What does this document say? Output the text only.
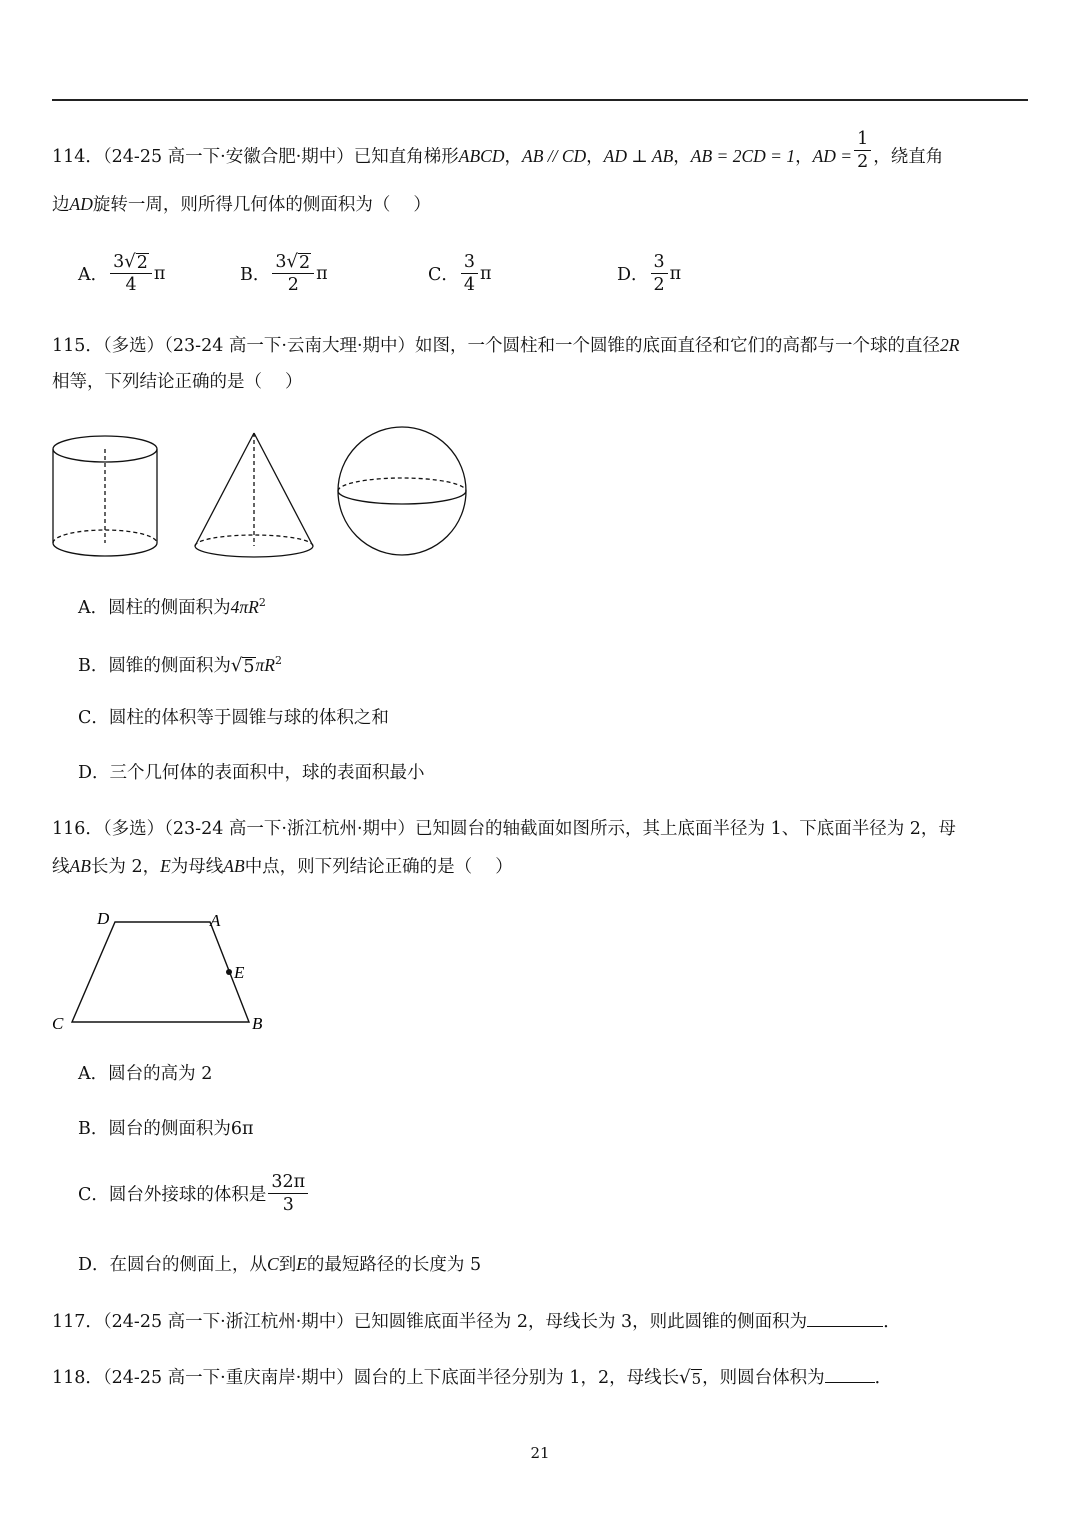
114．（24-25 高一下·安徽合肥·期中）已知直角梯形ABCD，AB // CD，AD ⊥ AB，AB = 2CD = 1，AD = $\frac{1}{2}$ ，绕直角
边AD旋转一周，则所得几何体的侧面积为（　 ）
A． $\frac{3 √ 2}{4}$ π	B． $\frac{3 √ 2}{2}$ π	C． $\frac{3}{4}$ π	D． $\frac{3}{2}$ π
115．（多选）（23-24 高一下·云南大理·期中）如图，一个圆柱和一个圆锥的底面直径和它们的高都与一个球的直径2R
相等，下列结论正确的是（　 ）
A．圆柱的侧面积为$4\pi R^2$
B．圆锥的侧面积为 √ 5 $\pi R^2$
C．圆柱的体积等于圆锥与球的体积之和
D．三个几何体的表面积中，球的表面积最小
116．（多选）（23-24 高一下·浙江杭州·期中）已知圆台的轴截面如图所示，其上底面半径为 1、下底面半径为 2，母
线AB长为 2，E为母线AB中点，则下列结论正确的是（　 ）
D	A
E
C	B
A．圆台的高为 2
B．圆台的侧面积为6π
C．圆台外接球的体积是 $\frac{32\pi}{3}$
D．在圆台的侧面上，从C到E的最短路径的长度为 5
117．（24-25 高一下·浙江杭州·期中）已知圆锥底面半径为 2，母线长为 3，则此圆锥的侧面积为	．
118．（24-25 高一下·重庆南岸·期中）圆台的上下底面半径分别为 1，2，母线长 √ 5 ，则圆台体积为	．
21
